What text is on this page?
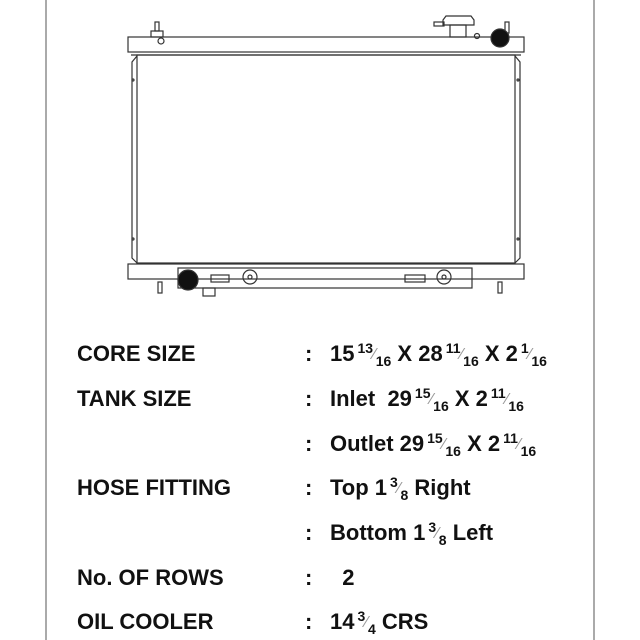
CORE SIZE	: 15 $^{13}⁄_{16}$ X 28 $^{11}⁄_{16}$ X 2 $^1⁄_{16}$
TANK SIZE	: Inlet  29 $^{15}⁄_{16}$ X 2 $^{11}⁄_{16}$
: Outlet 29 $^{15}⁄_{16}$ X 2 $^{11}⁄_{16}$
HOSE FITTING	: Top 1 $^3⁄_8$ Right
: Bottom 1 $^3⁄_8$ Left
No. OF ROWS	: 2
OIL COOLER	: 14 $^3⁄_4$ CRS
